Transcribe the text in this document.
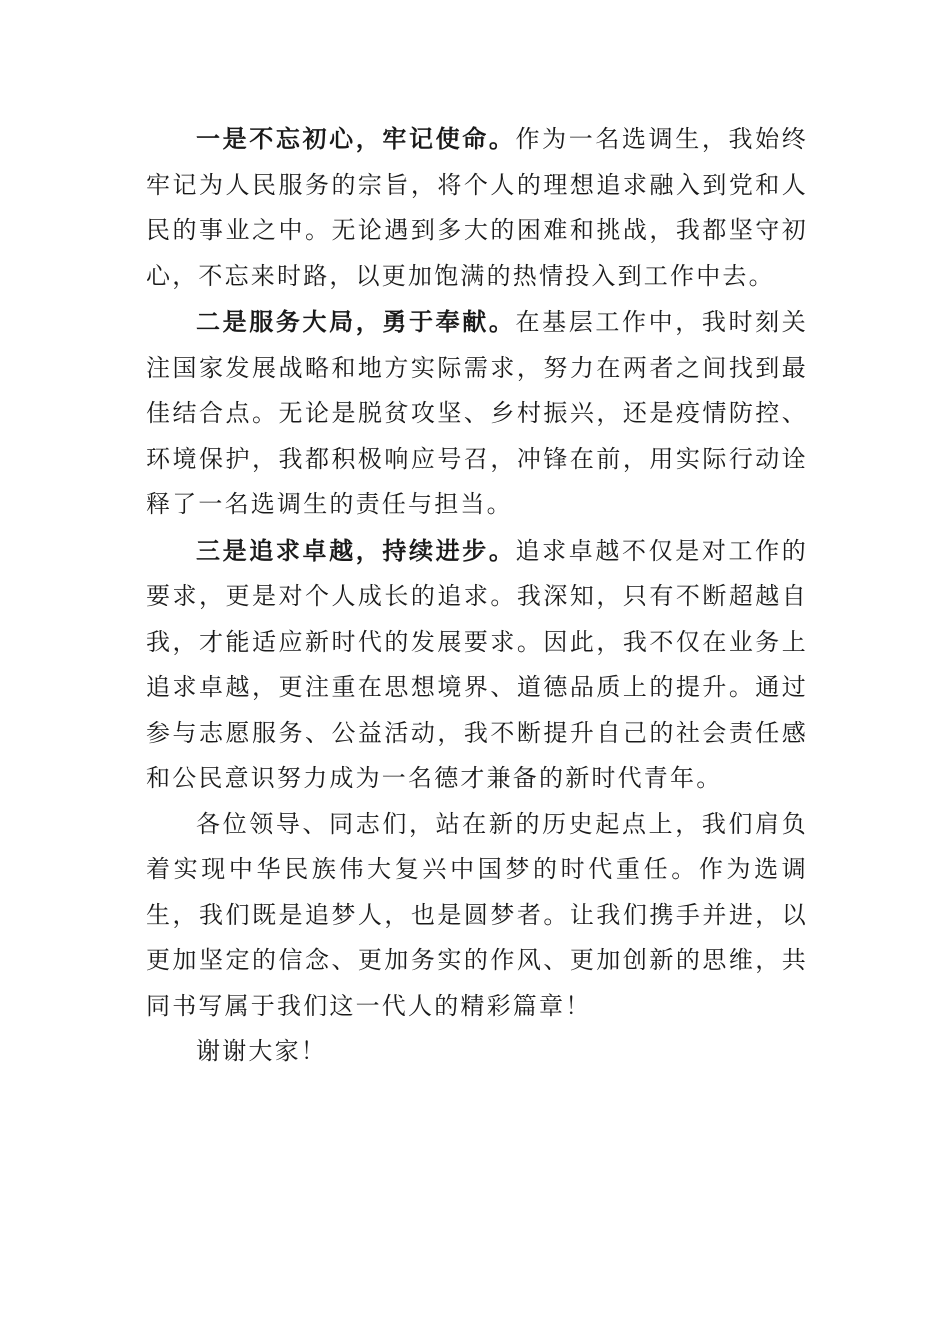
一是不忘初心，牢记使命。作为一名选调生，我始终牢记为人民服务的宗旨，将个人的理想追求融入到党和人民的事业之中。无论遇到多大的困难和挑战，我都坚守初心，不忘来时路，以更加饱满的热情投入到工作中去。

二是服务大局，勇于奉献。在基层工作中，我时刻关注国家发展战略和地方实际需求，努力在两者之间找到最佳结合点。无论是脱贫攻坚、乡村振兴，还是疫情防控、环境保护，我都积极响应号召，冲锋在前，用实际行动诠释了一名选调生的责任与担当。

三是追求卓越，持续进步。追求卓越不仅是对工作的要求，更是对个人成长的追求。我深知，只有不断超越自我，才能适应新时代的发展要求。因此，我不仅在业务上追求卓越，更注重在思想境界、道德品质上的提升。通过参与志愿服务、公益活动，我不断提升自己的社会责任感和公民意识努力成为一名德才兼备的新时代青年。

各位领导、同志们，站在新的历史起点上，我们肩负着实现中华民族伟大复兴中国梦的时代重任。作为选调生，我们既是追梦人，也是圆梦者。让我们携手并进，以更加坚定的信念、更加务实的作风、更加创新的思维，共同书写属于我们这一代人的精彩篇章！

谢谢大家！
